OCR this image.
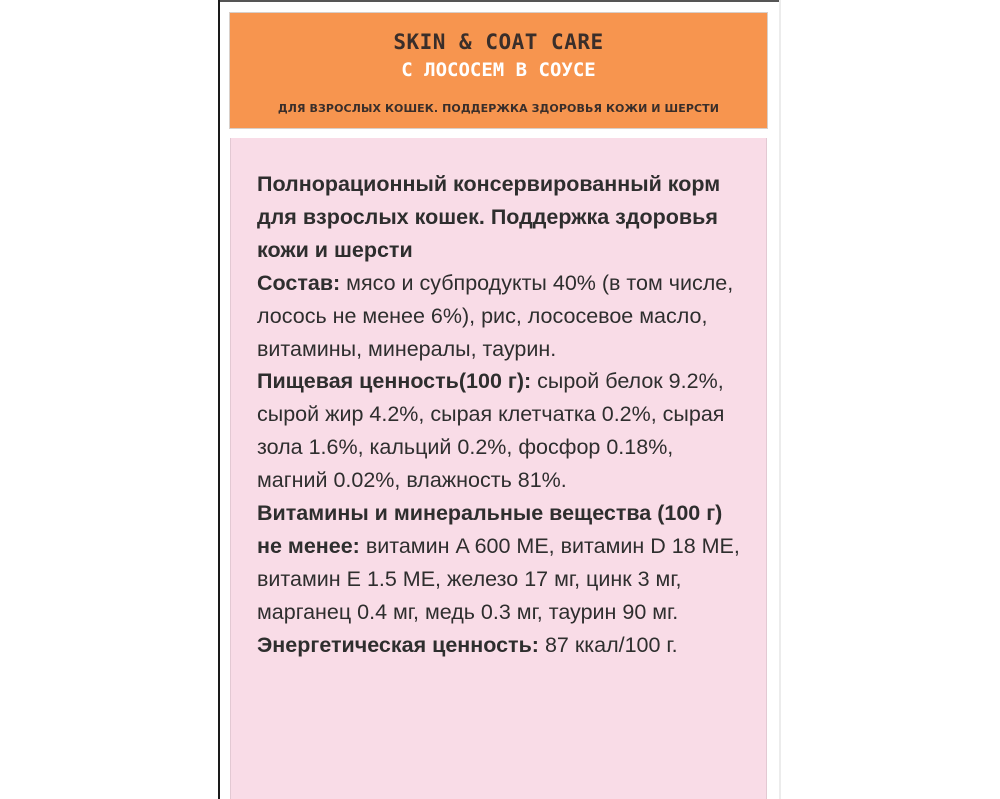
SKIN & COAT CARE
С ЛОСОСЕМ В СОУСЕ
ДЛЯ ВЗРОСЛЫХ КОШЕК. ПОДДЕРЖКА ЗДОРОВЬЯ КОЖИ И ШЕРСТИ

Полнорационный консервированный корм для взрослых кошек. Поддержка здоровья кожи и шерсти

Состав: мясо и субпродукты 40% (в том числе, лосось не менее 6%), рис, лососевое масло, витамины, минералы, таурин.

Пищевая ценность(100 г): сырой белок 9.2%, сырой жир 4.2%, сырая клетчатка 0.2%, сырая зола 1.6%, кальций 0.2%, фосфор 0.18%, магний 0.02%, влажность 81%.

Витамины и минеральные вещества (100 г) не менее: витамин A 600 МЕ, витамин D 18 МЕ, витамин E 1.5 МЕ, железо 17 мг, цинк 3 мг, марганец 0.4 мг, медь 0.3 мг, таурин 90 мг.

Энергетическая ценность: 87 ккал/100 г.
